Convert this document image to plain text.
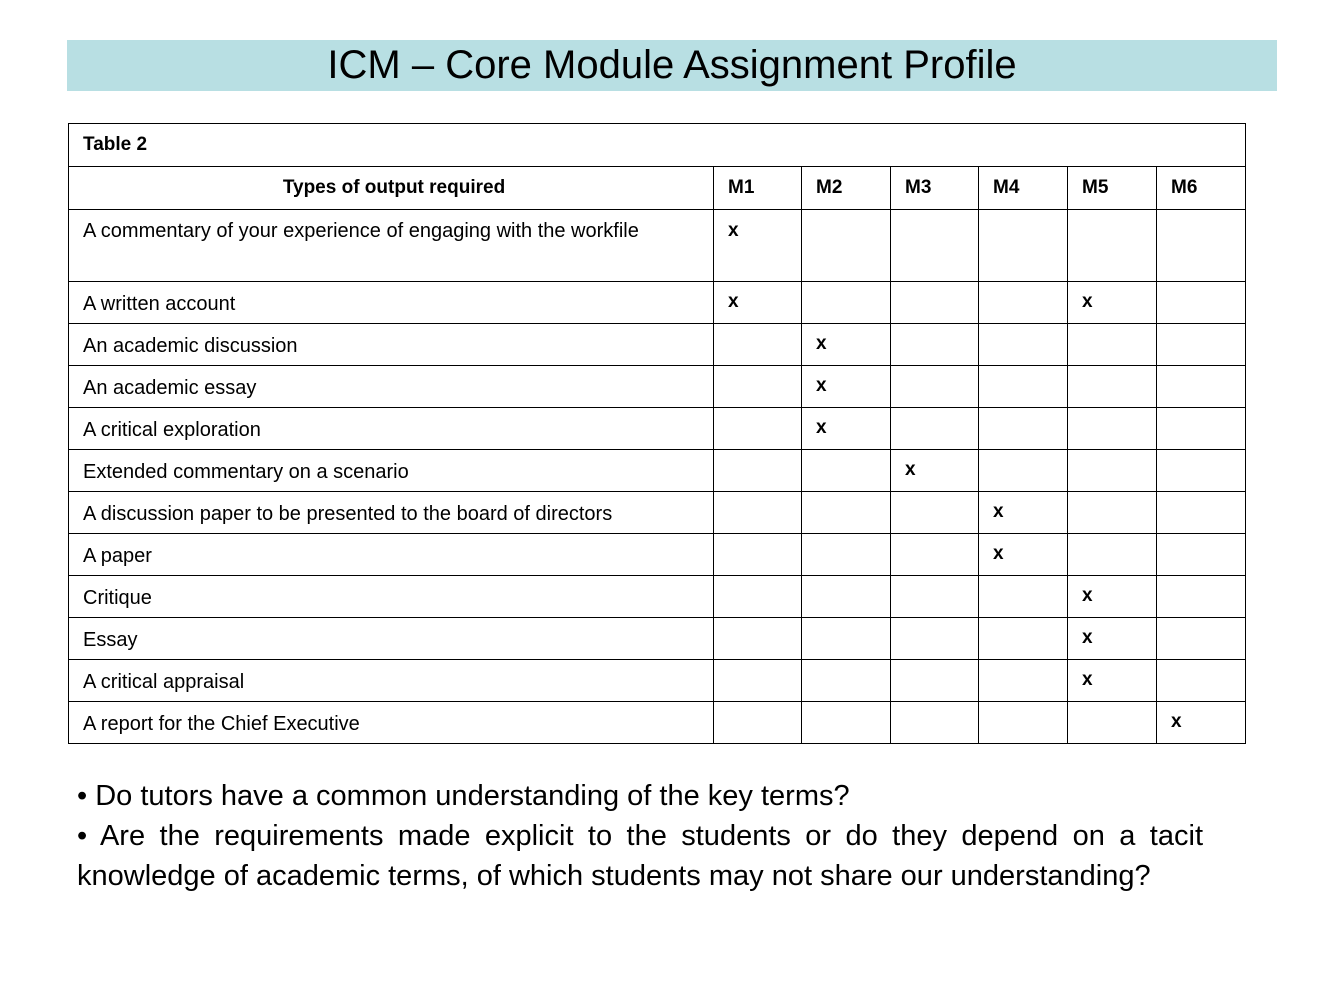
ICM – Core Module Assignment Profile
Table 2						
Types of output required	M1	M2	M3	M4	M5	M6
A commentary of your experience of engaging with the workfile	x					
A written account	x				x	
An academic discussion		x				
An academic essay		x				
A critical exploration		x				
Extended commentary on a scenario			x			
A discussion paper to be presented to the board of directors				x		
A paper				x		
Critique					x	
Essay					x	
A critical appraisal					x	
A report for the Chief Executive						x

• Do tutors have a common understanding of the key terms?

• Are the requirements made explicit to the students or do they depend on a tacit knowledge of academic terms, of which students may not share our understanding?
